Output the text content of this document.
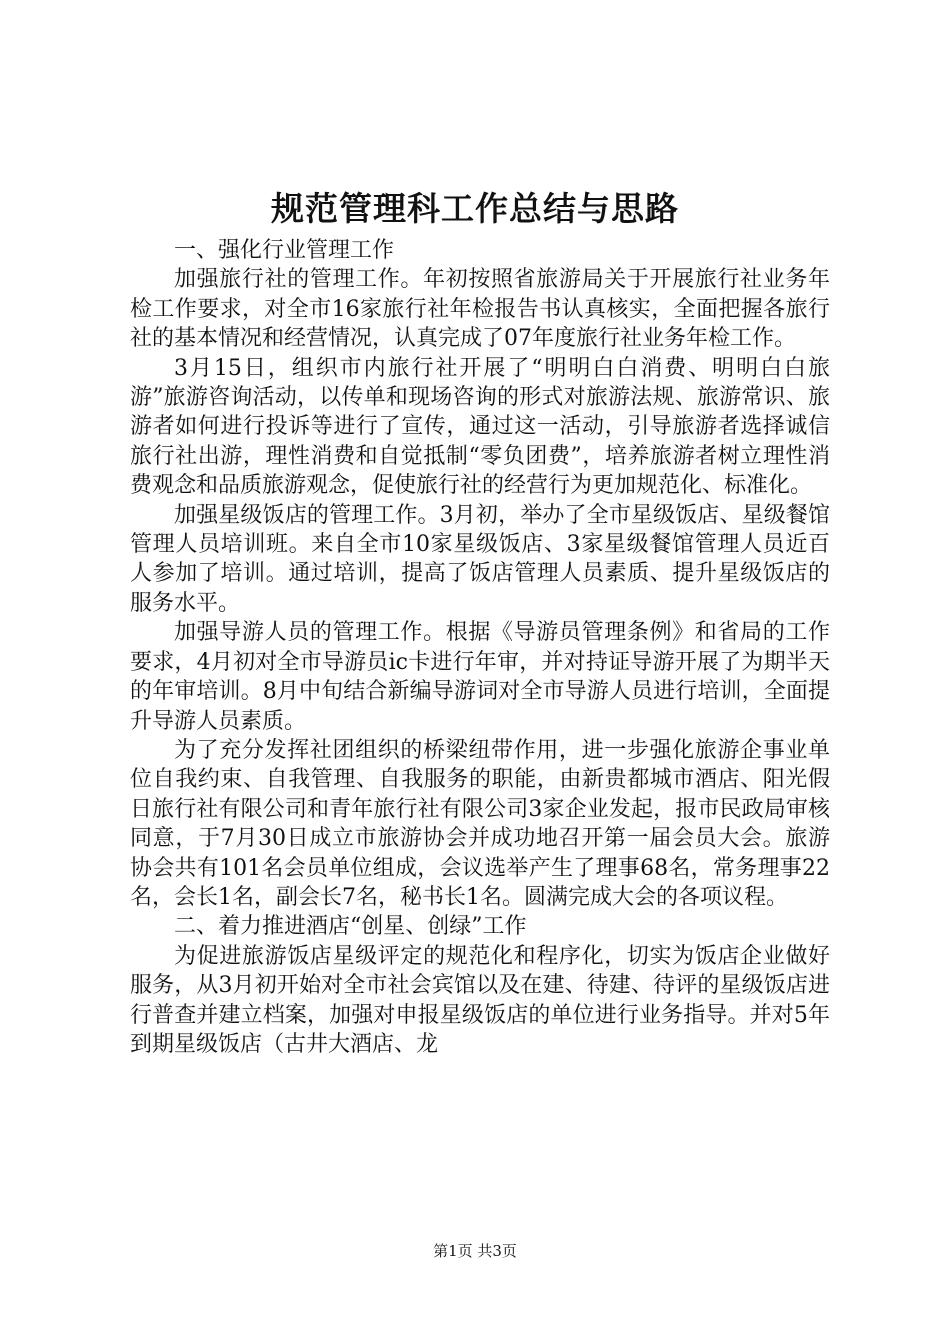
规范管理科工作总结与思路

一、强化行业管理工作

加强旅行社的管理工作。年初按照省旅游局关于开展旅行社业务年检工作要求，对全市16家旅行社年检报告书认真核实，全面把握各旅行社的基本情况和经营情况，认真完成了07年度旅行社业务年检工作。

3月15日，组织市内旅行社开展了“明明白白消费、明明白白旅游”旅游咨询活动，以传单和现场咨询的形式对旅游法规、旅游常识、旅游者如何进行投诉等进行了宣传，通过这一活动，引导旅游者选择诚信旅行社出游，理性消费和自觉抵制“零负团费”，培养旅游者树立理性消费观念和品质旅游观念，促使旅行社的经营行为更加规范化、标准化。

加强星级饭店的管理工作。3月初，举办了全市星级饭店、星级餐馆管理人员培训班。来自全市10家星级饭店、3家星级餐馆管理人员近百人参加了培训。通过培训，提高了饭店管理人员素质、提升星级饭店的服务水平。

加强导游人员的管理工作。根据《导游员管理条例》和省局的工作要求，4月初对全市导游员ic卡进行年审，并对持证导游开展了为期半天的年审培训。8月中旬结合新编导游词对全市导游人员进行培训，全面提升导游人员素质。

为了充分发挥社团组织的桥梁纽带作用，进一步强化旅游企事业单位自我约束、自我管理、自我服务的职能，由新贵都城市酒店、阳光假日旅行社有限公司和青年旅行社有限公司3家企业发起，报市民政局审核同意，于7月30日成立市旅游协会并成功地召开第一届会员大会。旅游协会共有101名会员单位组成，会议选举产生了理事68名，常务理事22名，会长1名，副会长7名，秘书长1名。圆满完成大会的各项议程。

二、着力推进酒店“创星、创绿”工作

为促进旅游饭店星级评定的规范化和程序化，切实为饭店企业做好服务，从3月初开始对全市社会宾馆以及在建、待建、待评的星级饭店进行普查并建立档案，加强对申报星级饭店的单位进行业务指导。并对5年到期星级饭店（古井大酒店、龙

第1页 共3页
